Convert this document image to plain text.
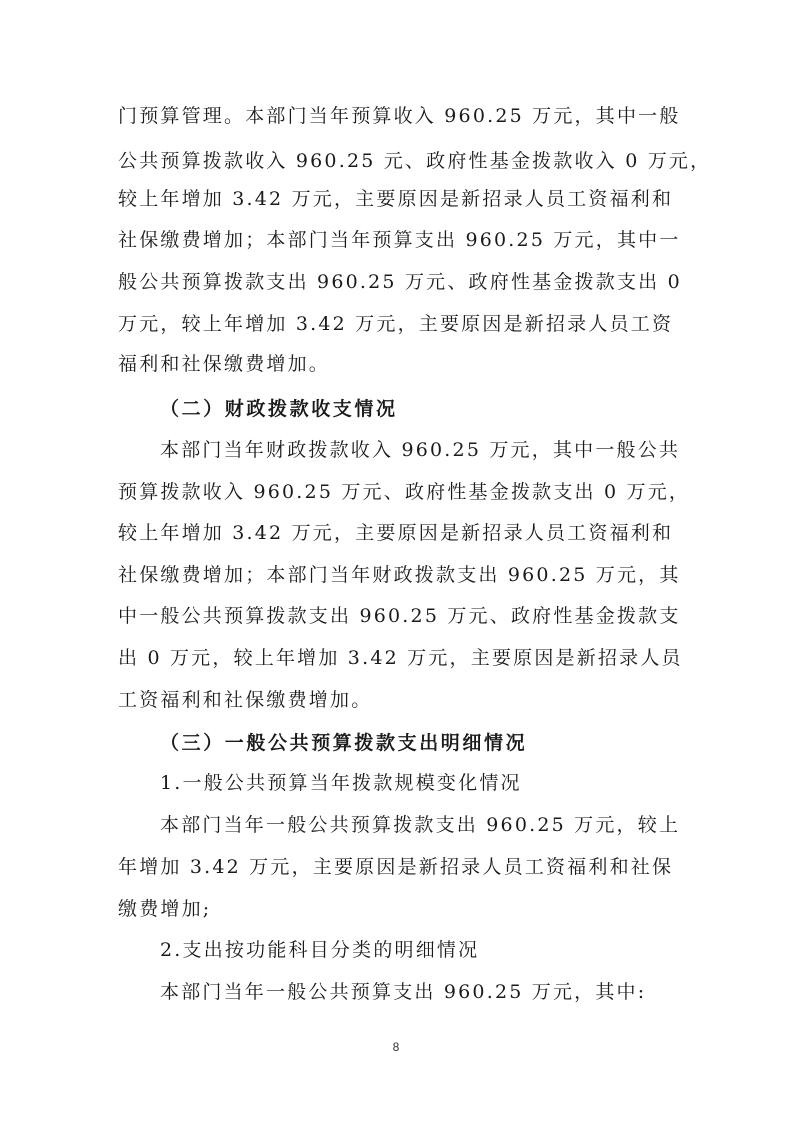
门预算管理。本部门当年预算收入 960.25 万元，其中一般
公共预算拨款收入 960.25 元、政府性基金拨款收入 0 万元，
较上年增加 3.42 万元，主要原因是新招录人员工资福利和
社保缴费增加；本部门当年预算支出 960.25 万元，其中一
般公共预算拨款支出 960.25 万元、政府性基金拨款支出 0
万元，较上年增加 3.42 万元，主要原因是新招录人员工资
福利和社保缴费增加。
（二）财政拨款收支情况
本部门当年财政拨款收入 960.25 万元，其中一般公共
预算拨款收入 960.25 万元、政府性基金拨款支出 0 万元，
较上年增加 3.42 万元，主要原因是新招录人员工资福利和
社保缴费增加；本部门当年财政拨款支出 960.25 万元，其
中一般公共预算拨款支出 960.25 万元、政府性基金拨款支
出 0 万元，较上年增加 3.42 万元，主要原因是新招录人员
工资福利和社保缴费增加。
（三）一般公共预算拨款支出明细情况
1.一般公共预算当年拨款规模变化情况
本部门当年一般公共预算拨款支出 960.25 万元，较上
年增加 3.42 万元，主要原因是新招录人员工资福利和社保
缴费增加;
2.支出按功能科目分类的明细情况
本部门当年一般公共预算支出 960.25 万元，其中:
8
